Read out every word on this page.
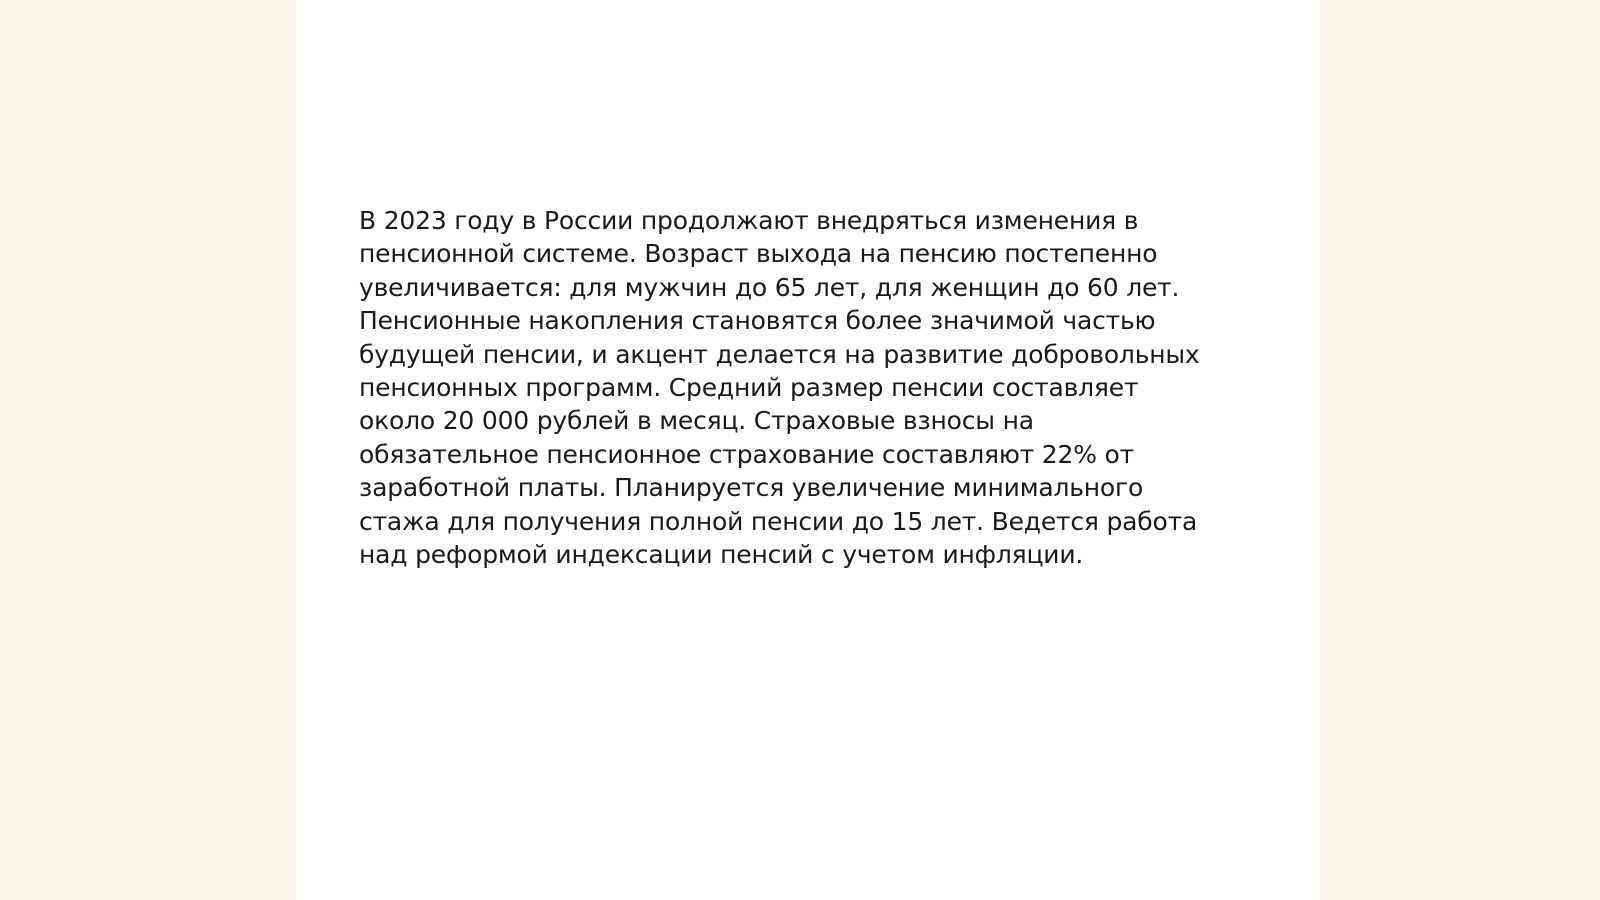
В 2023 году в России продолжают внедряться изменения в
пенсионной системе. Возраст выхода на пенсию постепенно
увеличивается: для мужчин до 65 лет, для женщин до 60 лет.
Пенсионные накопления становятся более значимой частью
будущей пенсии, и акцент делается на развитие добровольных
пенсионных программ. Средний размер пенсии составляет
около 20 000 рублей в месяц. Страховые взносы на
обязательное пенсионное страхование составляют 22% от
заработной платы. Планируется увеличение минимального
стажа для получения полной пенсии до 15 лет. Ведется работа
над реформой индексации пенсий с учетом инфляции.
